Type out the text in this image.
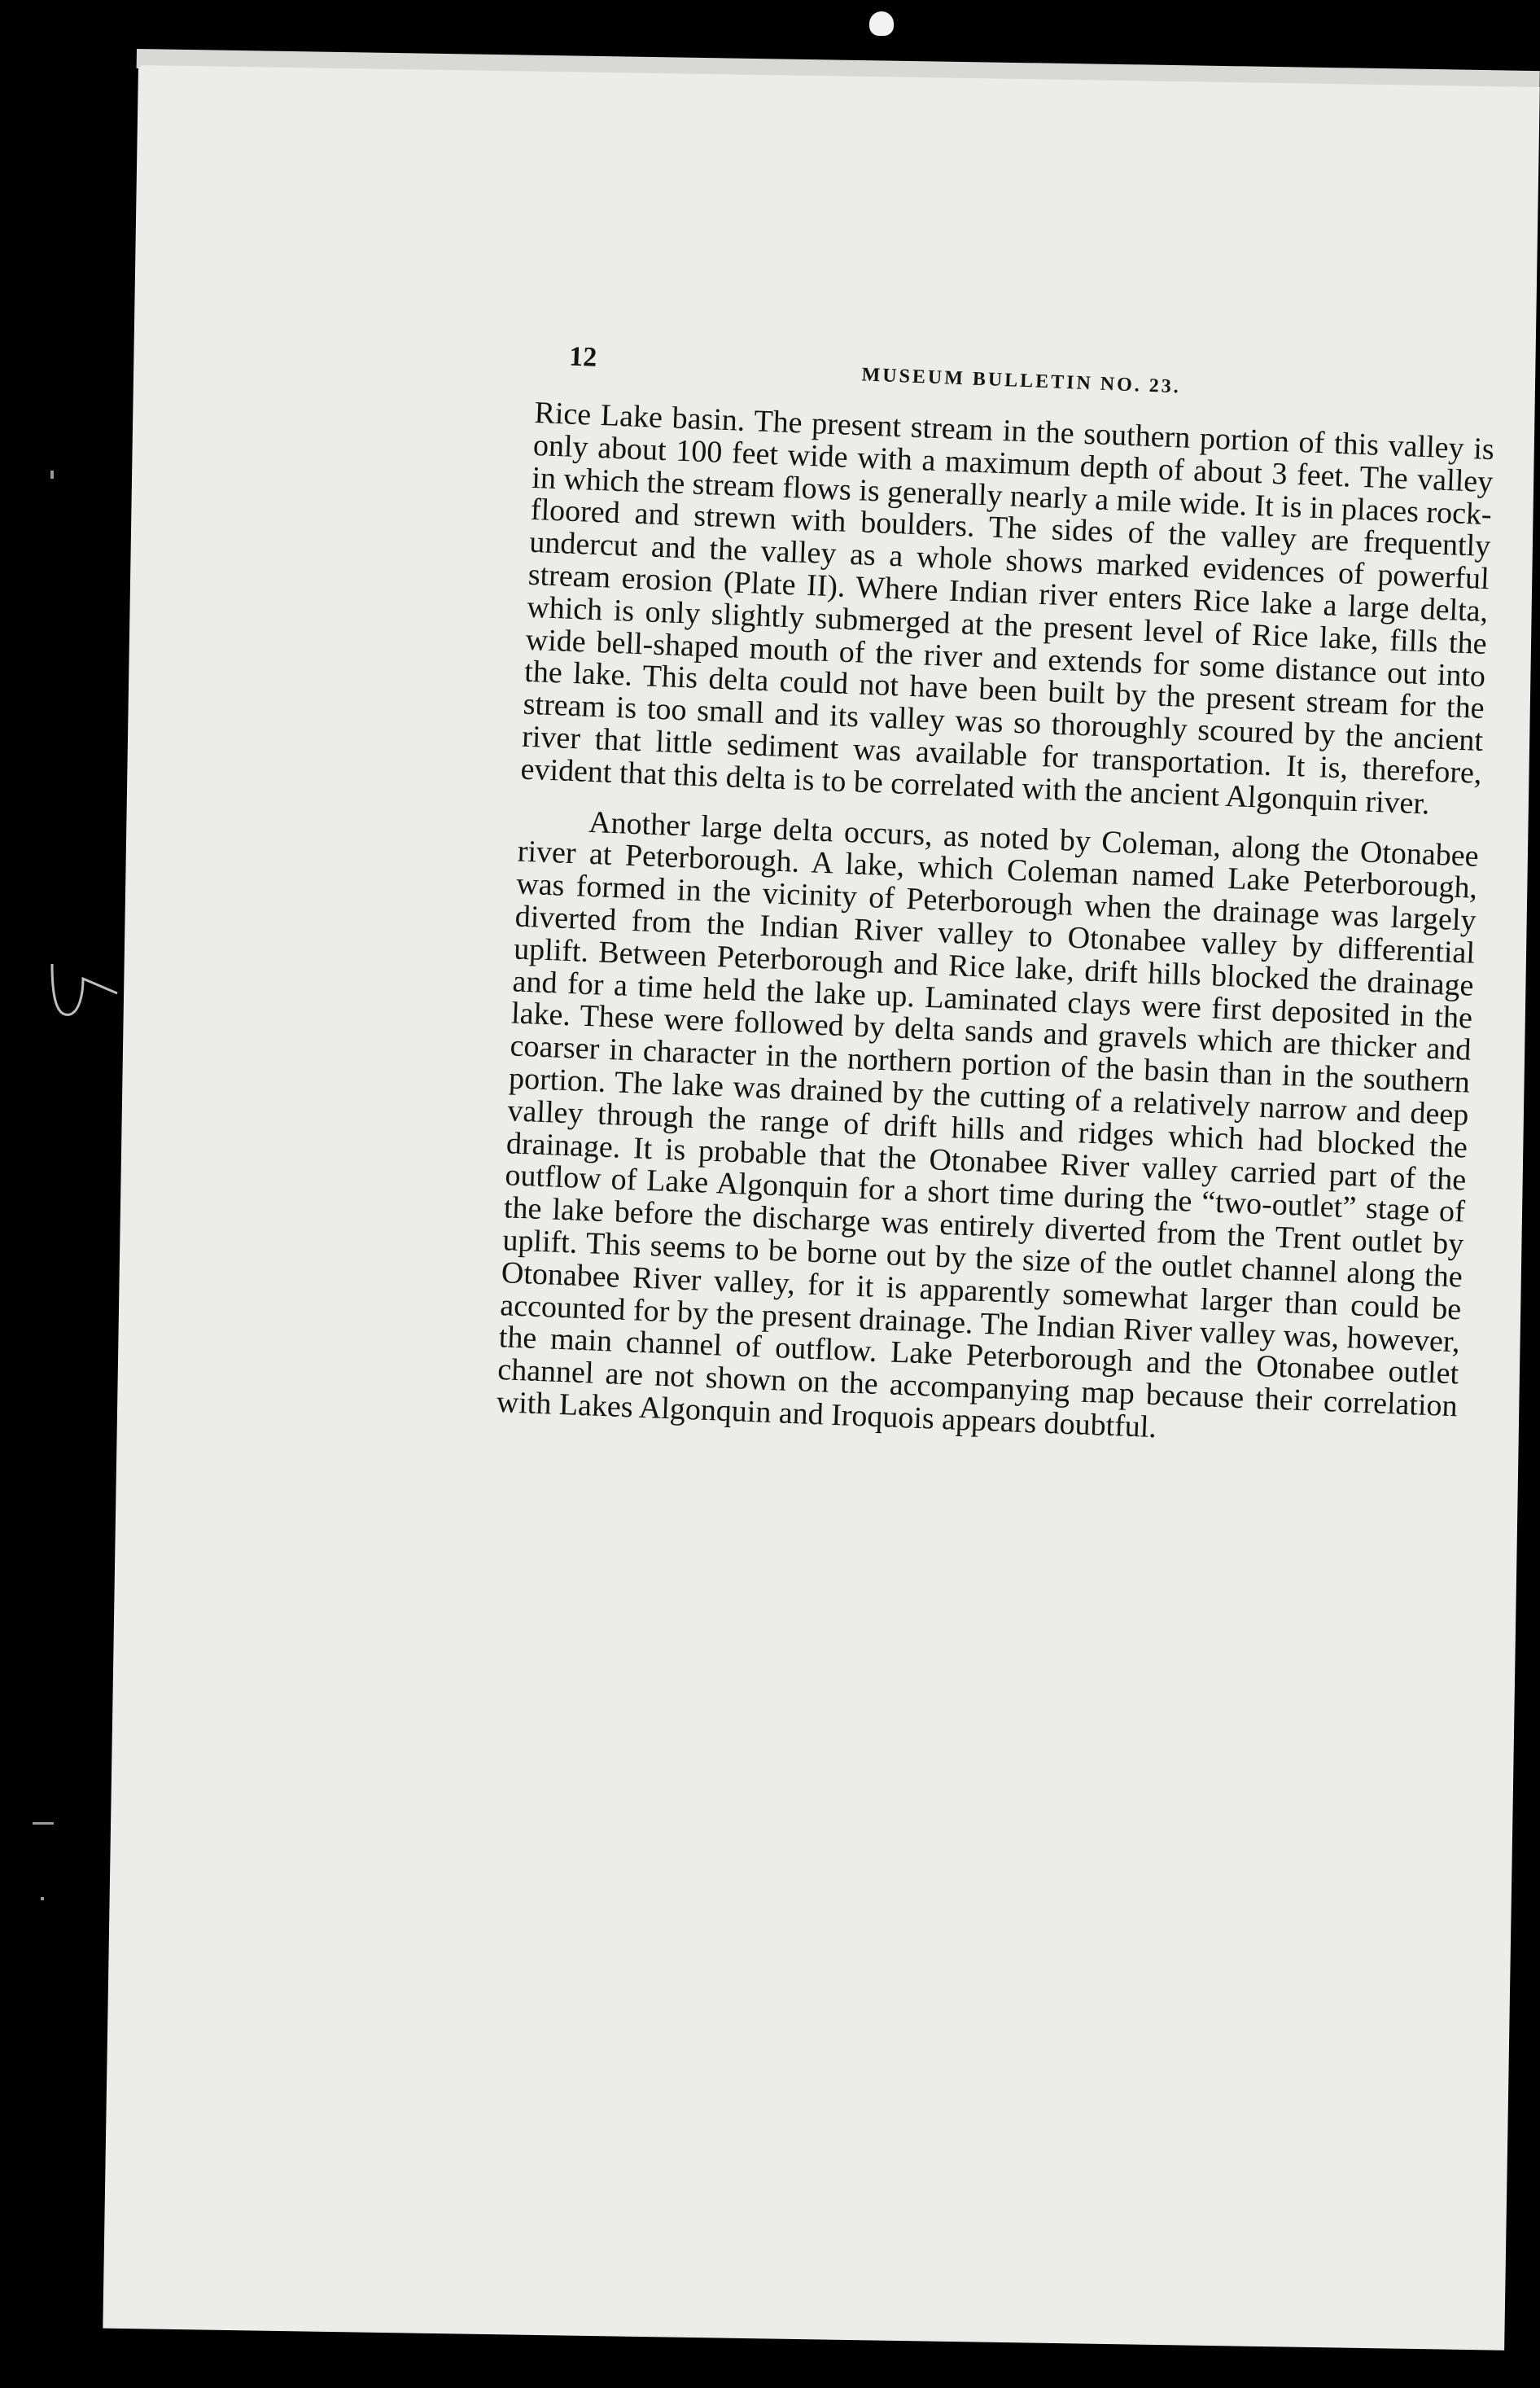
12
MUSEUM BULLETIN NO. 23.

Rice Lake basin. The present stream in the southern portion of this valley is only about 100 feet wide with a maximum depth of about 3 feet. The valley in which the stream flows is generally nearly a mile wide. It is in places rock-floored and strewn with boulders. The sides of the valley are frequently undercut and the valley as a whole shows marked evidences of powerful stream erosion (Plate II). Where Indian river enters Rice lake a large delta, which is only slightly submerged at the present level of Rice lake, fills the wide bell-shaped mouth of the river and extends for some distance out into the lake. This delta could not have been built by the present stream for the stream is too small and its valley was so thoroughly scoured by the ancient river that little sediment was available for transportation. It is, therefore, evident that this delta is to be correlated with the ancient Algonquin river.

Another large delta occurs, as noted by Coleman, along the Otonabee river at Peterborough. A lake, which Coleman named Lake Peterborough, was formed in the vicinity of Peterborough when the drainage was largely diverted from the Indian River valley to Otonabee valley by differential uplift. Between Peterborough and Rice lake, drift hills blocked the drainage and for a time held the lake up. Laminated clays were first deposited in the lake. These were followed by delta sands and gravels which are thicker and coarser in character in the northern portion of the basin than in the southern portion. The lake was drained by the cutting of a relatively narrow and deep valley through the range of drift hills and ridges which had blocked the drainage. It is probable that the Otonabee River valley carried part of the outflow of Lake Algonquin for a short time during the “two-outlet” stage of the lake before the discharge was entirely diverted from the Trent outlet by uplift. This seems to be borne out by the size of the outlet channel along the Otonabee River valley, for it is apparently somewhat larger than could be accounted for by the present drainage. The Indian River valley was, however, the main channel of outflow. Lake Peterborough and the Otonabee outlet channel are not shown on the accompanying map because their correlation with Lakes Algonquin and Iroquois appears doubtful.
